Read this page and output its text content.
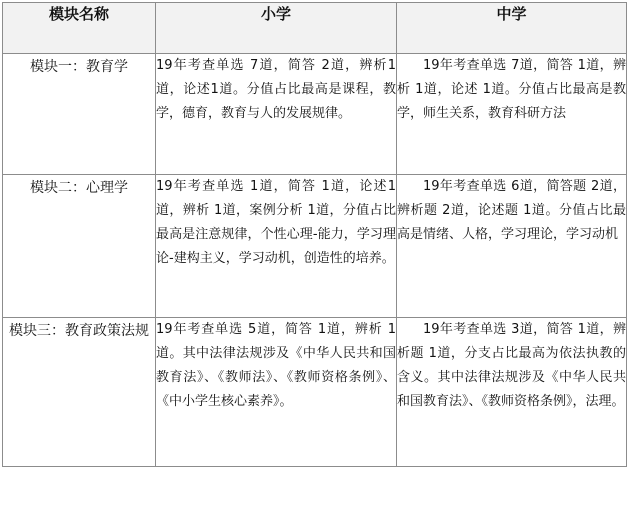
模块名称	小学	中学
模块一：教育学	19年考查单选 7道，简答 2道，辨析1道，论述1道。分值占比最高是课程，教学，德育，教育与人的发展规律。	19年考查单选 7道，简答 1道，辨析 1道，论述 1道。分值占比最高是教学，师生关系，教育科研方法
模块二：心理学	19年考查单选 1道，简答 1道，论述1道，辨析 1道，案例分析 1道，分值占比最高是注意规律，个性心理-能力，学习理论-建构主义，学习动机，创造性的培养。	19年考查单选 6道，简答题 2道，辨析题 2道，论述题 1道。分值占比最高是情绪、人格，学习理论，学习动机
模块三：教育政策法规	19年考查单选 5道，简答 1道，辨析 1道。其中法律法规涉及《中华人民共和国教育法》、《教师法》、《教师资格条例》、《中小学生核心素养》。	19年考查单选 3道，简答 1道，辨析题 1道，分支占比最高为依法执教的含义。其中法律法规涉及《中华人民共和国教育法》、《教师资格条例》，法理。
